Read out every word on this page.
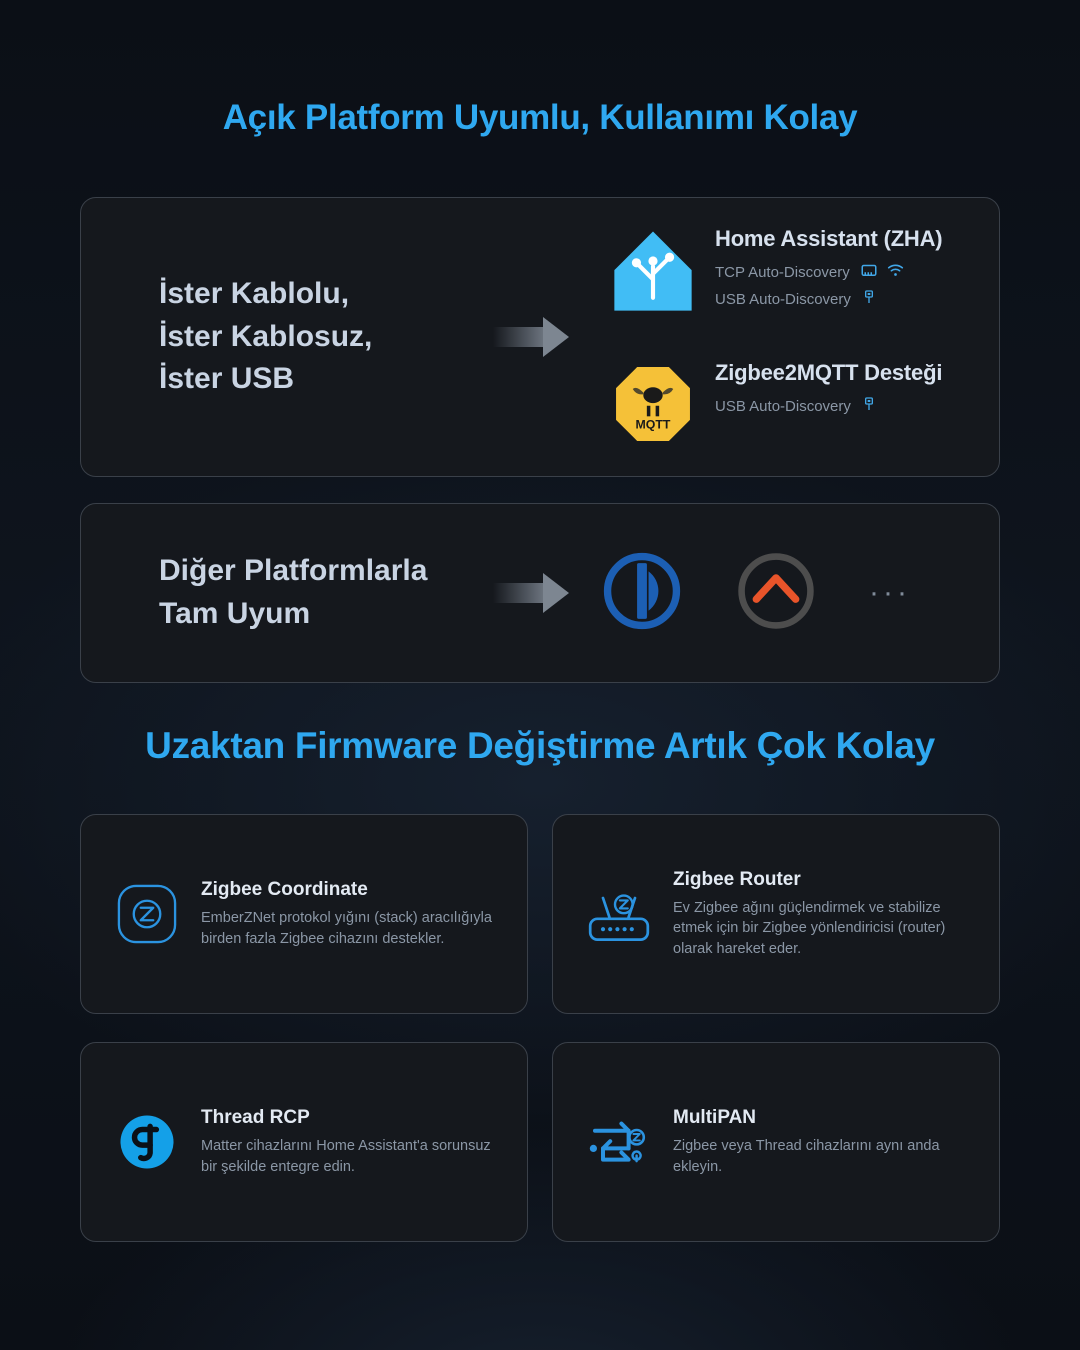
Açık Platform Uyumlu, Kullanımı Kolay
İster Kablolu,
İster Kablosuz,
İster USB
Home Assistant (ZHA)
TCP Auto-Discovery
USB Auto-Discovery
MQTT
Zigbee2MQTT Desteği
USB Auto-Discovery
Diğer Platformlarla
Tam Uyum
···
Uzaktan Firmware Değiştirme Artık Çok Kolay
Zigbee Coordinate
EmberZNet protokol yığını (stack) aracılığıyla birden fazla Zigbee cihazını destekler.
Zigbee Router
Ev Zigbee ağını güçlendirmek ve stabilize etmek için bir Zigbee yönlendiricisi (router) olarak hareket eder.
Thread RCP
Matter cihazlarını Home Assistant'a sorunsuz bir şekilde entegre edin.
MultiPAN
Zigbee veya Thread cihazlarını aynı anda ekleyin.
